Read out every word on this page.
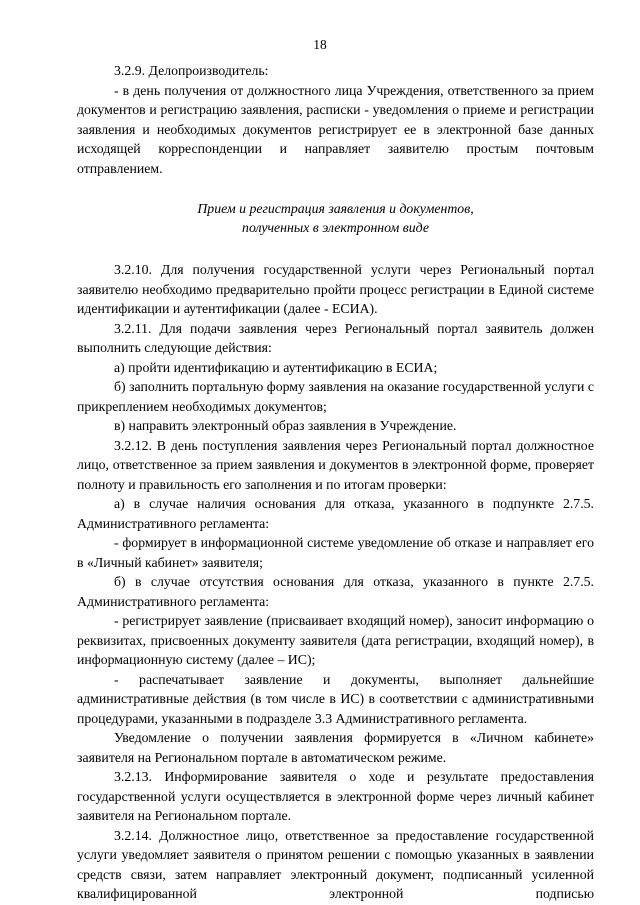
18

3.2.9. Делопроизводитель:

- в день получения от должностного лица Учреждения, ответственного за прием документов и регистрацию заявления, расписки - уведомления о приеме и регистрации заявления и необходимых документов регистрирует ее в электронной базе данных исходящей корреспонденции и направляет заявителю простым почтовым отправлением.

Прием и регистрация заявления и документов,
полученных в электронном виде

3.2.10. Для получения государственной услуги через Региональный портал заявителю необходимо предварительно пройти процесс регистрации в Единой системе идентификации и аутентификации (далее - ЕСИА).

3.2.11. Для подачи заявления через Региональный портал заявитель должен выполнить следующие действия:

а) пройти идентификацию и аутентификацию в ЕСИА;

б) заполнить портальную форму заявления на оказание государственной услуги с прикреплением необходимых документов;

в) направить электронный образ заявления в Учреждение.

3.2.12. В день поступления заявления через Региональный портал должностное лицо, ответственное за прием заявления и документов в электронной форме, проверяет полноту и правильность его заполнения и по итогам проверки:

а) в случае наличия основания для отказа, указанного в подпункте 2.7.5. Административного регламента:

- формирует в информационной системе уведомление об отказе и направляет его в «Личный кабинет» заявителя;

б) в случае отсутствия основания для отказа, указанного в пункте 2.7.5. Административного регламента:

- регистрирует заявление (присваивает входящий номер), заносит информацию о реквизитах, присвоенных документу заявителя (дата регистрации, входящий номер), в информационную систему (далее – ИС);

- распечатывает заявление и документы, выполняет дальнейшие административные действия (в том числе в ИС) в соответствии с административными процедурами, указанными в подразделе 3.3 Административного регламента.

Уведомление о получении заявления формируется в «Личном кабинете» заявителя на Региональном портале в автоматическом режиме.

3.2.13. Информирование заявителя о ходе и результате предоставления государственной услуги осуществляется в электронной форме через личный кабинет заявителя на Региональном портале.

3.2.14. Должностное лицо, ответственное за предоставление государственной услуги уведомляет заявителя о принятом решении с помощью указанных в заявлении средств связи, затем направляет электронный документ, подписанный усиленной квалифицированной электронной подписью
